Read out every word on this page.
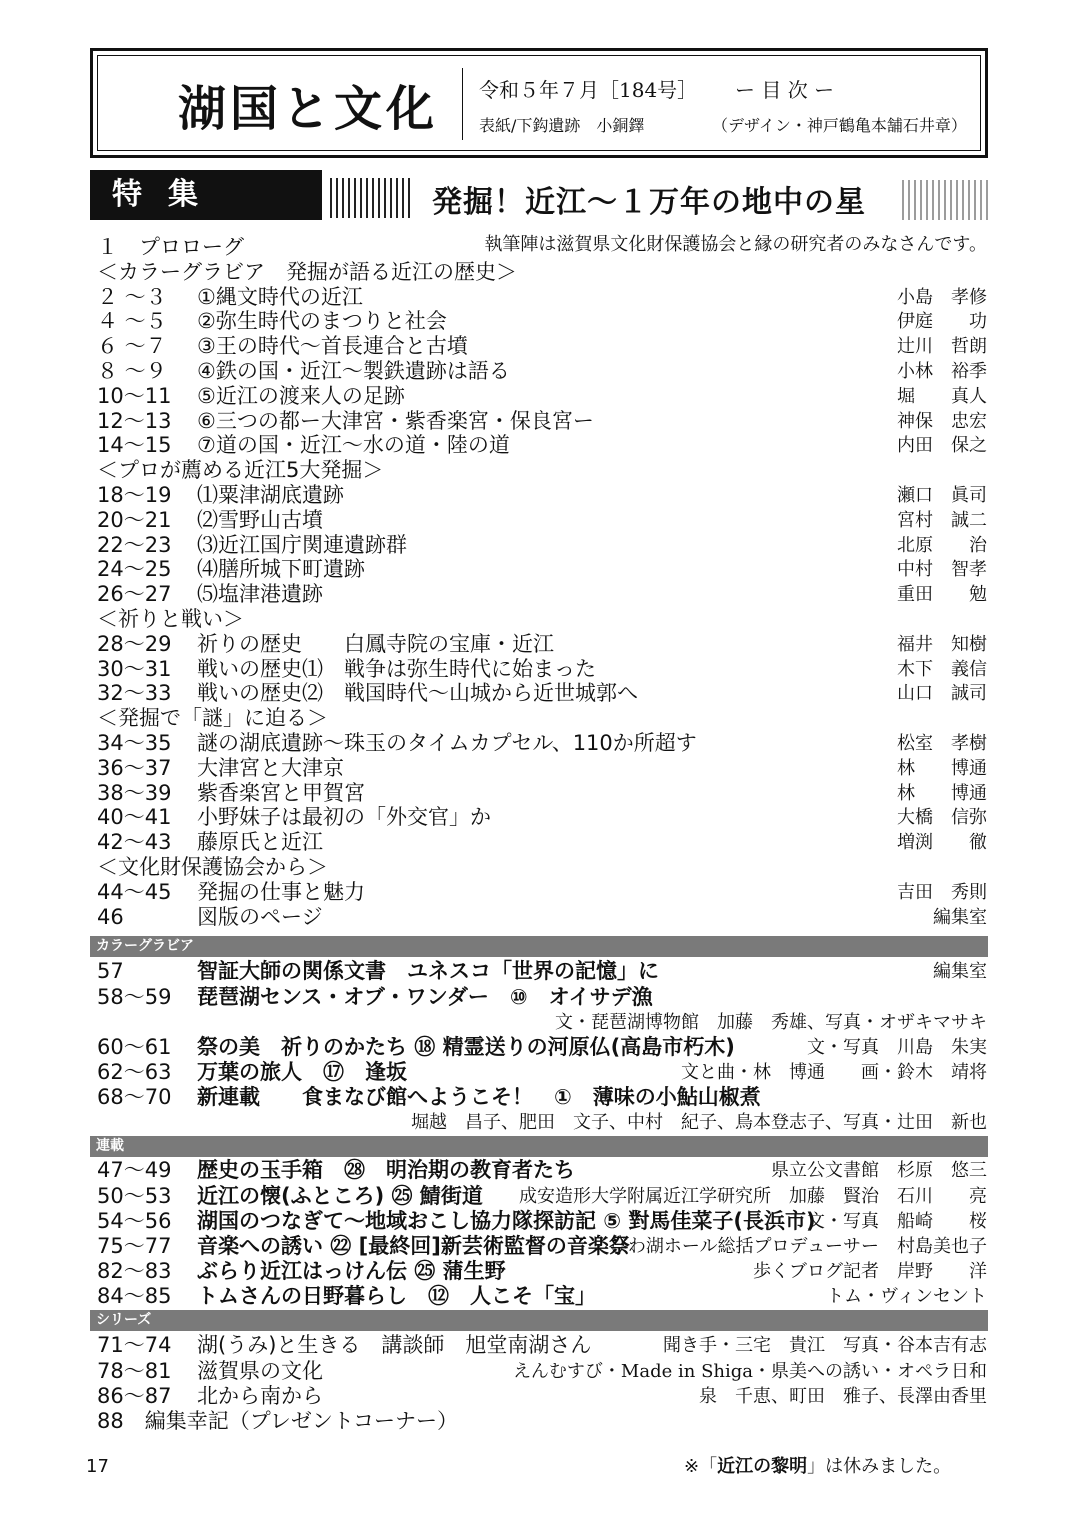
湖国と文化 令和５年７月［184号］ ー 目 次 ー
表紙/下鈎遺跡　小銅鐸	（デザイン・神戸鶴亀本舗石井章）
特集	発掘！近江～１万年の地中の星
執筆陣は滋賀県文化財保護協会と縁の研究者のみなさんです。
１　プロローグ
＜カラーグラビア　発掘が語る近江の歴史＞
２ ～３ ①縄文時代の近江	小島　孝修
４ ～５ ②弥生時代のまつりと社会	伊庭　　功
６ ～７ ③王の時代～首長連合と古墳	辻川　哲朗
８ ～９ ④鉄の国・近江～製鉄遺跡は語る	小林　裕季
10～11 ⑤近江の渡来人の足跡	堀　　真人
12～13 ⑥三つの都ー大津宮・紫香楽宮・保良宮ー	神保　忠宏
14～15 ⑦道の国・近江～水の道・陸の道	内田　保之
＜プロが薦める近江5大発掘＞
18～19 ⑴粟津湖底遺跡	瀬口　眞司
20～21 ⑵雪野山古墳	宮村　誠二
22～23 ⑶近江国庁関連遺跡群	北原　　治
24～25 ⑷膳所城下町遺跡	中村　智孝
26～27 ⑸塩津港遺跡	重田　　勉
＜祈りと戦い＞
28～29 祈りの歴史　　白鳳寺院の宝庫・近江	福井　知樹
30～31 戦いの歴史⑴　戦争は弥生時代に始まった	木下　義信
32～33 戦いの歴史⑵　戦国時代～山城から近世城郭へ	山口　誠司
＜発掘で「謎」に迫る＞
34～35 謎の湖底遺跡～珠玉のタイムカプセル、110か所超す	松室　孝樹
36～37 大津宮と大津京	林　　博通
38～39 紫香楽宮と甲賀宮	林　　博通
40～41 小野妹子は最初の「外交官」か	大橋　信弥
42～43 藤原氏と近江	増渕　　徹
＜文化財保護協会から＞
44～45 発掘の仕事と魅力	吉田　秀則
46	図版のページ	編集室
カラーグラビア
57	智証大師の関係文書　ユネスコ「世界の記憶」に	編集室
58～59 琵琶湖センス・オブ・ワンダー　⑩　オイサデ漁
文・琵琶湖博物館　加藤　秀雄、写真・オザキマサキ
60～61 祭の美　祈りのかたち ⑱ 精霊送りの河原仏(高島市朽木)	文・写真　川島　朱実
62～63 万葉の旅人　⑰　逢坂	文と曲・林　博通　　画・鈴木　靖将
68～70 新連載　　食まなび館へようこそ！　①　薄味の小鮎山椒煮
堀越　昌子、肥田　文子、中村　紀子、鳥本登志子、写真・辻田　新也
連載
47～49 歴史の玉手箱　㉘　明治期の教育者たち	県立公文書館　杉原　悠三
50～53 近江の懐(ふところ) ㉕ 鯖街道 成安造形大学附属近江学研究所　加藤　賢治　石川　　亮
54～56 湖国のつなぎて～地域おこし協力隊探訪記 ⑤ 對馬佳菜子(長浜市)
文・写真　船崎　　桜
75～77 音楽への誘い ㉒ [最終回]新芸術監督の音楽祭
びわ湖ホール総括プロデューサー　村島美也子
82～83 ぶらり近江はっけん伝 ㉕ 蒲生野	歩くブログ記者　岸野　　洋
84～85 トムさんの日野暮らし　⑫　人こそ「宝」	トム・ヴィンセント
シリーズ
71～74 湖(うみ)と生きる　講談師　旭堂南湖さん	聞き手・三宅　貴江　写真・谷本吉有志
78～81 滋賀県の文化	えんむすび・Made in Shiga・県美への誘い・オペラ日和
86～87 北から南から	泉　千恵、町田　雅子、長澤由香里
88　編集幸記（プレゼントコーナー）
17	※「近江の黎明」は休みました。
